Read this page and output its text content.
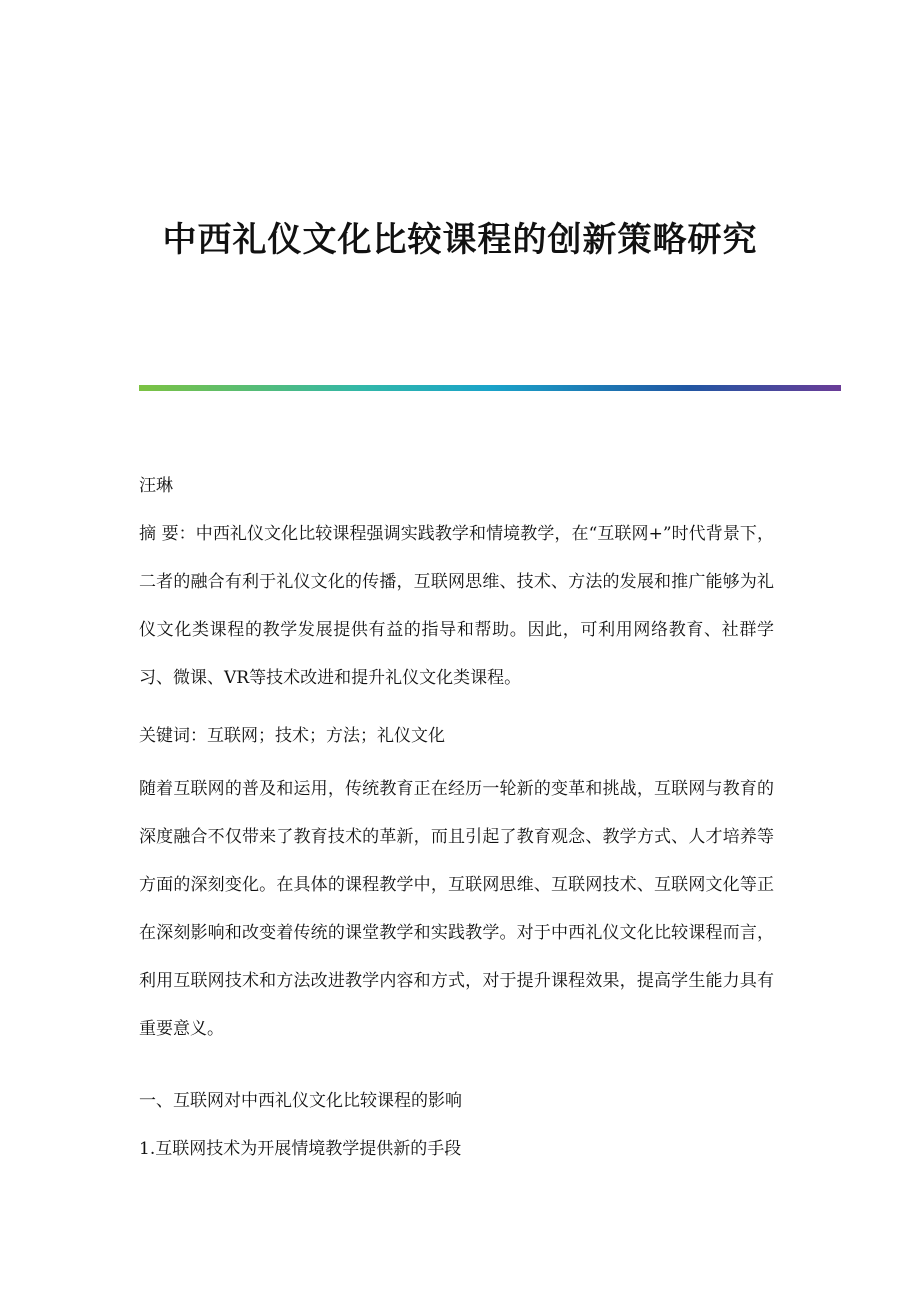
中西礼仪文化比较课程的创新策略研究

汪琳

摘 要：中西礼仪文化比较课程强调实践教学和情境教学，在“互联网+”时代背景下，二者的融合有利于礼仪文化的传播，互联网思维、技术、方法的发展和推广能够为礼仪文化类课程的教学发展提供有益的指导和帮助。因此，可利用网络教育、社群学习、微课、VR等技术改进和提升礼仪文化类课程。

关键词：互联网；技术；方法；礼仪文化

随着互联网的普及和运用，传统教育正在经历一轮新的变革和挑战，互联网与教育的深度融合不仅带来了教育技术的革新，而且引起了教育观念、教学方式、人才培养等方面的深刻变化。在具体的课程教学中，互联网思维、互联网技术、互联网文化等正在深刻影响和改变着传统的课堂教学和实践教学。对于中西礼仪文化比较课程而言，利用互联网技术和方法改进教学内容和方式，对于提升课程效果，提高学生能力具有重要意义。

一、互联网对中西礼仪文化比较课程的影响

1.互联网技术为开展情境教学提供新的手段
